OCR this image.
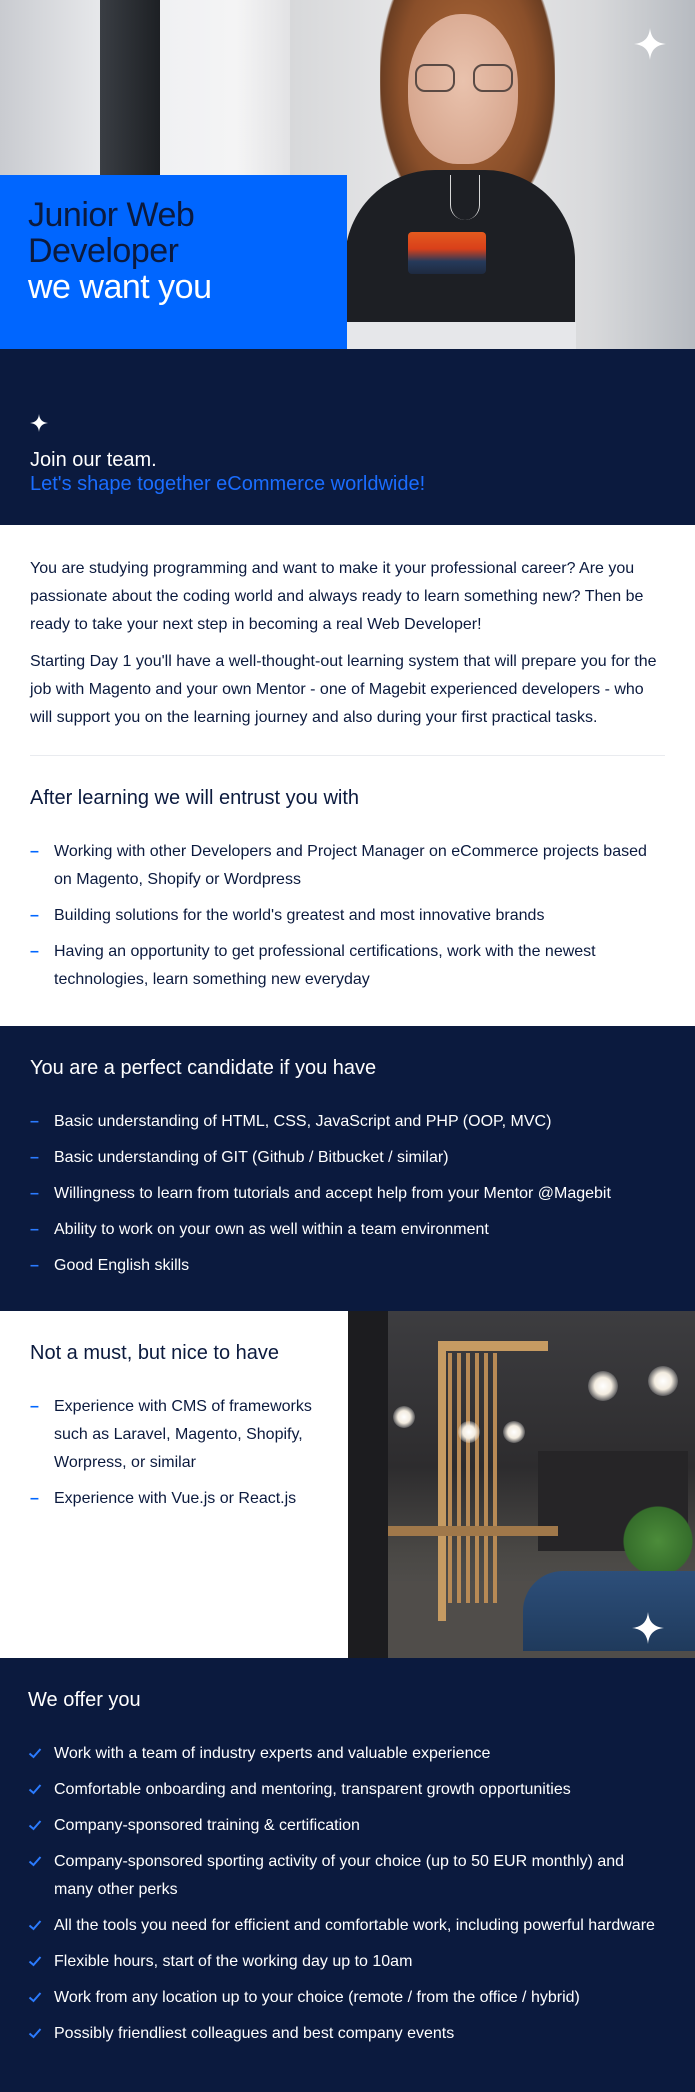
Junior Web
Developer
we want you
Join our team.
Let's shape together eCommerce worldwide!

You are studying programming and want to make it your professional career? Are you passionate about the coding world and always ready to learn something new? Then be ready to take your next step in becoming a real Web Developer!

Starting Day 1 you'll have a well-thought-out learning system that will prepare you for the job with Magento and your own Mentor - one of Magebit experienced developers - who will support you on the learning journey and also during your first practical tasks.

After learning we will entrust you with
– Working with other Developers and Project Manager on eCommerce projects based on Magento, Shopify or Wordpress
– Building solutions for the world's greatest and most innovative brands
– Having an opportunity to get professional certifications, work with the newest technologies, learn something new everyday
You are a perfect candidate if you have
– Basic understanding of HTML, CSS, JavaScript and PHP (OOP, MVC)
– Basic understanding of GIT (Github / Bitbucket / similar)
– Willingness to learn from tutorials and accept help from your Mentor @Magebit
– Ability to work on your own as well within a team environment
– Good English skills
Not a must, but nice to have
– Experience with CMS of frameworks such as Laravel, Magento, Shopify, Worpress, or similar
– Experience with Vue.js or React.js
We offer you
Work with a team of industry experts and valuable experience
Comfortable onboarding and mentoring, transparent growth opportunities
Company-sponsored training & certification
Company-sponsored sporting activity of your choice (up to 50 EUR monthly) and many other perks
All the tools you need for efficient and comfortable work, including powerful hardware
Flexible hours, start of the working day up to 10am
Work from any location up to your choice (remote / from the office / hybrid)
Possibly friendliest colleagues and best company events
